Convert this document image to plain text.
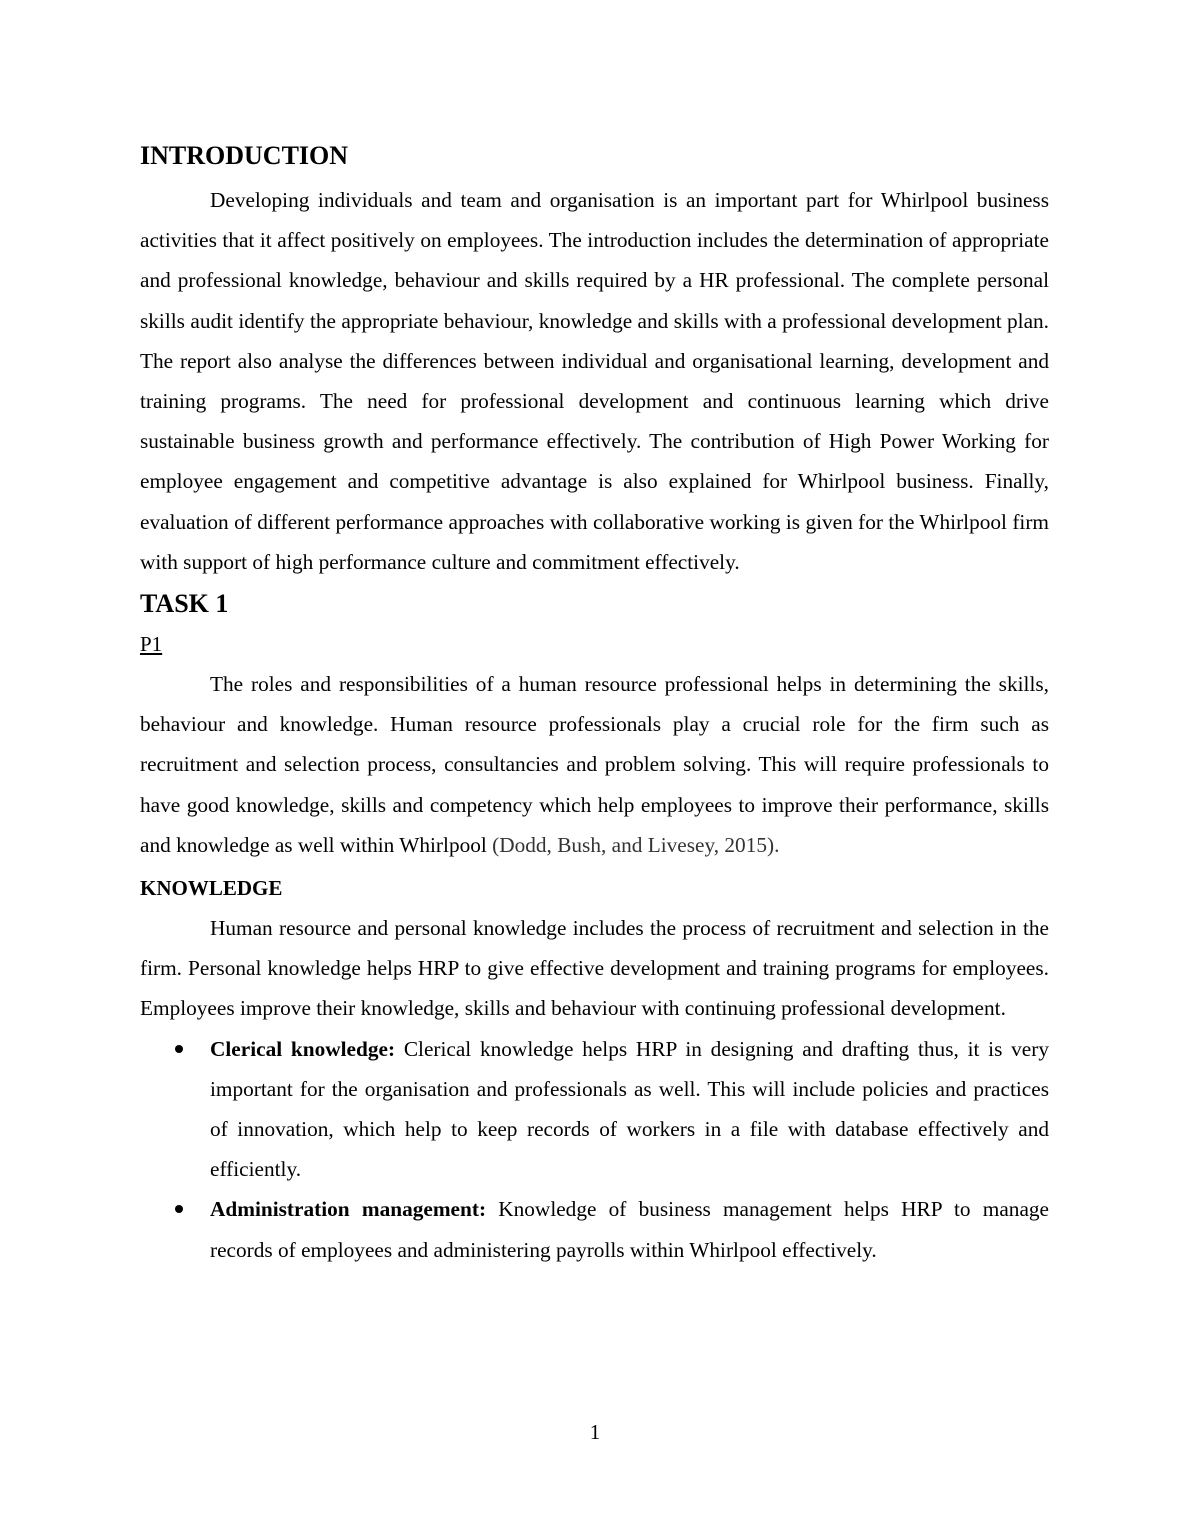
INTRODUCTION

Developing individuals and team and organisation is an important part for Whirlpool business activities that it affect positively on employees. The introduction includes the determination of appropriate and professional knowledge, behaviour and skills required by a HR professional. The complete personal skills audit identify the appropriate behaviour, knowledge and skills with a professional development plan. The report also analyse the differences between individual and organisational learning, development and training programs. The need for professional development and continuous learning which drive sustainable business growth and performance effectively. The contribution of High Power Working for employee engagement and competitive advantage is also explained for Whirlpool business. Finally, evaluation of different performance approaches with collaborative working is given for the Whirlpool firm with support of high performance culture and commitment effectively.

TASK 1
P1

The roles and responsibilities of a human resource professional helps in determining the skills, behaviour and knowledge. Human resource professionals play a crucial role for the firm such as recruitment and selection process, consultancies and problem solving. This will require professionals to have good knowledge, skills and competency which help employees to improve their performance, skills and knowledge as well within Whirlpool (Dodd, Bush, and Livesey, 2015).

KNOWLEDGE

Human resource and personal knowledge includes the process of recruitment and selection in the firm. Personal knowledge helps HRP to give effective development and training programs for employees. Employees improve their knowledge, skills and behaviour with continuing professional development.

Clerical knowledge: Clerical knowledge helps HRP in designing and drafting thus, it is very important for the organisation and professionals as well. This will include policies and practices of innovation, which help to keep records of workers in a file with database effectively and efficiently.
Administration management: Knowledge of business management helps HRP to manage records of employees and administering payrolls within Whirlpool effectively.
1
